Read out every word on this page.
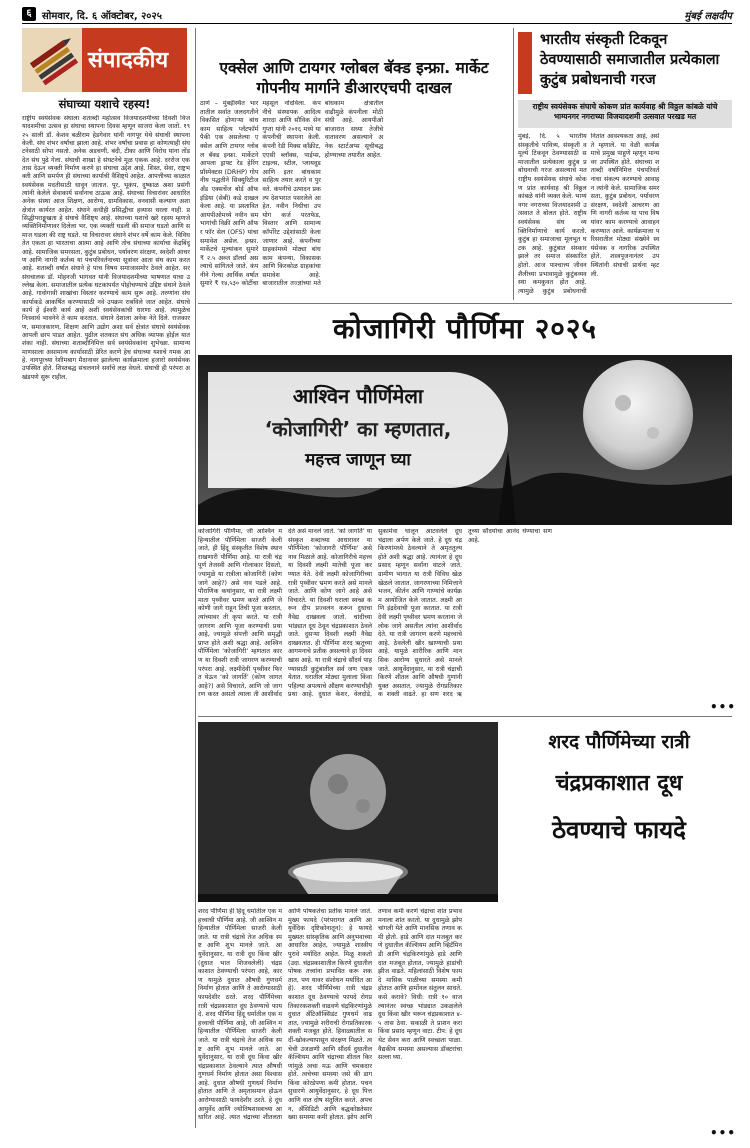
६	सोमवार, दि. ६ ऑक्टोबर, २०२५	मुंबई लक्षदीप
संपादकीय
संघाच्या यशाचे रहस्य!
राष्ट्रीय स्वयंसेवक संघाला शताब्दी महोत्सव विजयादशमीच्या दिवशी विजयादशमीचा उत्सव हा संघाचा स्थापना दिवस म्हणून साजरा केला जातो. १९२५ साली डॉ. केशव बळीराम हेडगेवार यांनी नागपूर येथे संघाची स्थापना केली. संघ शंभर वर्षांचा झाला आहे. शंभर वर्षांचा प्रवास हा कोणत्याही संघटनेसाठी सोपा नसतो. अनेक अडचणी, बंदी, टीका आणि विरोध यांना तोंड देत संघ पुढे गेला. संघाची शाखा हे संघटनेचे मूळ एकक आहे. दररोज एक तास देऊन व्यक्ती निर्माण करणे हा संघाचा उद्देश आहे. शिस्त, सेवा, राष्ट्रभक्ती आणि समर्पण ही संघाच्या कार्याची वैशिष्ट्ये आहेत. आपत्तीच्या काळात स्वयंसेवक मदतीसाठी धावून जातात. पूर, भूकंप, दुष्काळ अशा प्रसंगी त्यांनी केलेले सेवाकार्य सर्वांनाच ठाऊक आहे. संघाच्या विचारांवर आधारित अनेक संस्था आज शिक्षण, आरोग्य, ग्रामविकास, वनवासी कल्याण अशा क्षेत्रांत कार्यरत आहेत. संघाने कधीही प्रसिद्धीचा हव्यास धरला नाही. प्रसिद्धीपराङ्मुखता हे संघाचे वैशिष्ट्य आहे. संघाच्या यशाचे खरे रहस्य म्हणजे व्यक्तिनिर्माणावर दिलेला भर. एक व्यक्ती घडली की समाज घडतो आणि समाज घडला की राष्ट्र घडते. या विचारावर संघाने शंभर वर्षे काम केले. विविधतेत एकता हा भारताचा आत्मा आहे आणि तोच संघाच्या कार्याचा केंद्रबिंदू आहे. सामाजिक समरसता, कुटुंब प्रबोधन, पर्यावरण संरक्षण, स्वदेशी आचरण आणि नागरी कर्तव्य या पंचपरिवर्तनाच्या सूत्रांवर आता संघ काम करत आहे. शताब्दी वर्षात संघाने हे पाच विषय समाजासमोर ठेवले आहेत. सरसंघचालक डॉ. मोहनजी भागवत यांनी विजयादशमीच्या भाषणात याचा उल्लेख केला. समाजातील प्रत्येक घटकापर्यंत पोहोचण्याचे उद्दिष्ट संघाने ठेवले आहे. गावोगावी शाखांचा विस्तार करण्याचे काम सुरू आहे. तरुणांना संघकार्याकडे आकर्षित करण्यासाठी नवे उपक्रम राबविले जात आहेत. संघाचे कार्य हे ईश्वरी कार्य आहे अशी स्वयंसेवकांची धारणा आहे. त्यामुळेच निःस्वार्थ भावनेने ते काम करतात. संघाने देशाला अनेक नेते दिले. राजकारण, समाजकारण, शिक्षण आणि उद्योग अशा सर्व क्षेत्रांत संघाचे स्वयंसेवक आपली छाप पाडत आहेत. पुढील शतकात संघ अधिक व्यापक होईल यात शंका नाही. संघाच्या शताब्दीनिमित्त सर्व स्वयंसेवकांना शुभेच्छा. सामान्य माणसाला असामान्य कार्यासाठी प्रेरित करणे हेच संघाच्या यशाचे गमक आहे. नागपूरच्या रेशीमबाग मैदानावर झालेल्या कार्यक्रमाला हजारो स्वयंसेवक उपस्थित होते. शिस्तबद्ध संचलनाने सर्वांचे लक्ष वेधले. संघाची ही परंपरा अखंडपणे सुरू राहील.
एक्सेल आणि टायगर ग्लोबल बॅक्ड इन्फ्रा. मार्केट गोपनीय मार्गाने डीआरएचपी दाखल
ठाणे – मुंबईस्थित भारतातील सर्वात जलदगतीने विकसित होणाऱ्या बांधकाम साहित्य प्लॅटफॉर्मपैकी एक असलेल्या एक्सेल आणि टायगर ग्लोबल बॅक्ड इन्फ्रा. मार्केटने आपला ड्राफ्ट रेड हेरिंग प्रॉस्पेक्टस (DRHP) गोपनीय पद्धतीने सिक्युरिटीज अँड एक्सचेंज बोर्ड ऑफ इंडिया (सेबी) कडे दाखल केला आहे. या प्रस्तावित आयपीओमध्ये नवीन समभागांची विक्री आणि ऑफर फॉर सेल (OFS) यांचा समावेश असेल. इन्फ्रा. मार्केटचे मूल्यांकन सुमारे ₹ २.५ अब्ज डॉलर्स असल्याचे सांगितले जाते. कंपनीने गेल्या आर्थिक वर्षात सुमारे ₹ १४,५३० कोटींचा महसूल नोंदविला. कंपनीचे संस्थापक आदित्य शारदा आणि सौविक सेनगुप्ता यांनी २०१६ मध्ये या कंपनीची स्थापना केली. कंपनी रेडी मिक्स काँक्रीट, एएसी ब्लॉक्स, पाईप्स, टाइल्स, स्टील, प्लायवूड आणि इतर बांधकाम साहित्य तयार करते व पुरवते. कंपनीचे उत्पादन प्रकल्प देशभरात पसरलेले आहेत. नवीन निधीचा उपयोग कर्ज परतफेड, विस्तार आणि सामान्य कॉर्पोरेट उद्देशांसाठी केला जाणार आहे. कंपनीच्या ग्राहकांमध्ये मोठ्या बांधकाम कंपन्या, विकासक आणि किरकोळ ग्राहकांचा समावेश आहे. बाजारातील तज्ज्ञांच्या मते बांधकाम क्षेत्रातील वाढीमुळे कंपनीला मोठी संधी आहे. आयपीओ बाजारात सध्या तेजीचे वातावरण असल्याने अनेक स्टार्टअप्स सूचीबद्ध होण्याच्या तयारीत आहेत.
भारतीय संस्कृती टिकवून ठेवण्यासाठी समाजातील प्रत्येकाला कुटुंब प्रबोधनाची गरज
राष्ट्रीय स्वयंसेवक संघाचे कोकण प्रांत कार्यवाह श्री विठ्ठल कांबळे यांचे भाग्यनगर नगराच्या विजयादशमी उत्सवात परखड मत
मुंबई, दि. ५ भारतीय संस्कृतीचे पावित्र्य, संस्कृती व मूल्ये टिकवून ठेवण्यासाठी समाजातील प्रत्येकाला कुटुंब प्रबोधनाची गरज असल्याचे मत राष्ट्रीय स्वयंसेवक संघाचे कोकण प्रांत कार्यवाह श्री विठ्ठल कांबळे यांनी व्यक्त केले. भाग्यनगर नगराच्या विजयादशमी उत्सवात ते बोलत होते. राष्ट्रीय स्वयंसेवक संघ व्यक्तिनिर्माणाचे कार्य करतो. कुटुंब हा समाजाचा मूलभूत घटक आहे. कुटुंबात संस्कार झाले तर समाज संस्कारित होतो. आज पाश्चात्त्य जीवनशैलीच्या प्रभावामुळे कुटुंबव्यवस्था कमकुवत होत आहे. त्यामुळे कुटुंब प्रबोधनाची नितांत आवश्यकता आहे, असे ते म्हणाले. या वेळी कार्यक्रमाचे प्रमुख पाहुणे म्हणून मान्यवर उपस्थित होते. संघाच्या शताब्दी वर्षानिमित्त पंचपरिवर्तनाचा संकल्प करण्याचे आवाहन त्यांनी केले. सामाजिक समरसता, कुटुंब प्रबोधन, पर्यावरण संरक्षण, स्वदेशी आचरण आणि नागरी कर्तव्य या पाच विषयांवर काम करण्याचे आवाहन करण्यात आले. कार्यक्रमाला परिसरातील मोठ्या संख्येने स्वयंसेवक व नागरिक उपस्थित होते. शस्त्रपूजनानंतर उपस्थितांनी संघाची प्रार्थना म्हटली.
कोजागिरी पौर्णिमा २०२५
आश्विन पौर्णिमेला
‘कोजागिरी’ का म्हणतात,
महत्त्व जाणून घ्या
कोजागिरी पौर्णिमा, जी आश्विन महिन्यातील पौर्णिमेला साजरी केली जाते, ही हिंदू संस्कृतीत विशेष स्थान राखणारी पौर्णिमा आहे. या रात्री चंद्र पूर्ण तेजस्वी आणि गोलाकार दिसतो, ज्यामुळे या रात्रीला कोजागिरी (कोण जागे आहे?) असे नाव पडले आहे. पौराणिक कथांनुसार, या रात्री लक्ष्मी माता पृथ्वीवर भ्रमण करते आणि जे कोणी जागे राहून तिची पूजा करतात, त्यांच्यावर ती कृपा करते. या रात्री जागरण आणि पूजा करण्याची प्रथा आहे, ज्यामुळे संपत्ती आणि समृद्धी प्राप्त होते अशी श्रद्धा आहे. आश्विन पौर्णिमेला ‘कोजागिरी’ म्हणतात कारण या दिवशी रात्री जागरण करण्याची परंपरा आहे. लक्ष्मीदेवी पृथ्वीवर फिरत येऊन ‘को जागर्ति’ (कोण जागत आहे?) असे विचारते, आणि जो जागरण करत असतो त्याला ती आशीर्वाद देते असे मानले जाते. ‘को जागर्ति’ या संस्कृत शब्दाच्या आधारावर या पौर्णिमेला ‘कोजागरी पौर्णिमा’ असे नाव मिळाले आहे. कोजागिरीचे महत्त्व या दिवशी लक्ष्मी मातेची पूजा करण्यात येते. देवी लक्ष्मी कोजागिरीच्या रात्री पृथ्वीवर भ्रमण करते असे मानले जाते. आणि कोण जागे आहे असे विचारते. या दिवशी घराला स्वच्छ करून दीप प्रज्वलन करून दुधाचा नैवेद्य दाखवला जातो. चांदीच्या भांड्यात दूध ठेवून चंद्रप्रकाशात ठेवले जाते. दुसऱ्या दिवशी लक्ष्मी नैवेद्य दाखवतात. ही पौर्णिमा शरद ऋतूच्या आगमनाचे प्रतीक असल्याने हा दिवस खास आहे. या रात्री चंद्राचे सौंदर्य पाहण्यासाठी कुटुंबातील सर्व जण एकत्र येतात. घरातील मोठ्या मुलाला किंवा पहिल्या अपत्याचे औक्षण करण्याचीही प्रथा आहे. दुधात केशर, वेलदोडे, सुकामेवा घालून आटवलेले दूध चंद्राला अर्पण केले जाते. हे दूध चंद्रकिरणांमध्ये ठेवल्याने ते अमृततुल्य होते अशी श्रद्धा आहे. त्यानंतर हे दूध प्रसाद म्हणून सर्वांना वाटले जाते. ग्रामीण भागात या रात्री विविध खेळ खेळले जातात. जागरणाच्या निमित्ताने भजन, कीर्तन आणि गाण्यांचे कार्यक्रम आयोजित केले जातात. लक्ष्मी आणि इंद्रदेवाची पूजा करतात. या रात्री देवी लक्ष्मी पृथ्वीवर भ्रमण करताना जे लोक जागे असतील त्यांना आशीर्वाद देते. या रात्री जागरण करणे महत्त्वाचे आहे. ठेवलेली खीर खाण्याची प्रथा आहे. यामुळे शारीरिक आणि मानसिक आरोग्य सुधारते असे मानले जाते. आयुर्वेदानुसार, या रात्री चंद्राची किरणे शीतल आणि औषधी गुणांनी युक्त असतात, ज्यामुळे रोगप्रतिकारक शक्ती वाढते. हा सण शरद ऋतूच्या सौंदर्याचा आनंद घेण्याचा सण आहे.
•••
शरद पौर्णिमेच्या रात्री
चंद्रप्रकाशात दूध
ठेवण्याचे फायदे
शरद पौर्णिमा ही हिंदू धर्मातील एक महत्त्वाची पौर्णिमा आहे. जी आश्विन महिन्यातील पौर्णिमेला साजरी केली जाते. या रात्री चंद्राचे तेज अधिक स्पष्ट आणि शुभ मानले जाते. आयुर्वेदानुसार, या रात्री दूध किंवा खीर (दुधात भात शिजवलेली) चंद्रप्रकाशात ठेवण्याची परंपरा आहे, कारण यामुळे दुधात औषधी गुणधर्म निर्माण होतात आणि ते आरोग्यासाठी फायदेशीर ठरते. शरद पौर्णिमेच्या रात्री चंद्रप्रकाशात दूध ठेवण्याचे फायदे. शरद पौर्णिमा हिंदू धर्मातील एक महत्त्वाची पौर्णिमा आहे, जी आश्विन महिन्यातील पौर्णिमेला साजरी केली जाते. या रात्री चंद्राचे तेज अधिक स्पष्ट आणि शुभ मानले जाते. आयुर्वेदानुसार, या रात्री दूध किंवा खीर चंद्रप्रकाशात ठेवल्याने त्यात औषधी गुणधर्म निर्माण होतात असा विश्वास आहे. दुधात औषधी गुणधर्म निर्माण होतात आणि ते अमृतासमान होऊन आरोग्यासाठी फायदेशीर ठरते. हे दूध आयुर्वेद आणि ज्योतिषशास्त्राच्या आधारित आहे. त्यात चंद्राच्या शीतलता आणि पोषकतेचा प्रतीक मानले जाते. मुख्य फायदे (परंपरागत आणि आयुर्वेदिक दृष्टिकोनातून): हे फायदे मुख्यतः सांस्कृतिक आणि अनुभवाच्या आधारित आहेत, ज्यामुळे शास्त्रीय पुरावे मर्यादित आहेत. मिळू शकतो (उदा. चंद्रप्रकाशातील किरणे दुधातील पोषक तत्त्वांना प्रभावित करू शकतात, पण यावर संशोधन मर्यादित आहे). शरद पौर्णिमेच्या रात्री चंद्रप्रकाशात दूध ठेवण्याचे फायदे रोगप्रतिकारकशक्ती वाढवणे चंद्रकिरणांमुळे दुधात ॲंटिऑक्सिडंट गुणधर्म वाढतात, ज्यामुळे शरीराची रोगप्रतिकारकशक्ती मजबूत होते. हिवाळ्यातील सर्दी-खोकल्यापासून संरक्षण मिळते. त्वचेची उजळणी आणि सौंदर्य दुधातील कॅल्शियम आणि चंद्राच्या शीतल किरणांमुळे त्वचा मऊ आणि चमकदार होते. त्वचेच्या समस्या जसे की डाग किंवा कोरडेपणा कमी होतात. पचन सुधारणे आयुर्वेदानुसार, हे दूध पित्त आणि वात दोष संतुलित करते. अपचन, ॲसिडिटी आणि बद्धकोष्ठतेसारख्या समस्या कमी होतात. झोप आणि तणाव कमी करणे चंद्राचा शांत प्रभाव मनाला शांत करतो. या दुधामुळे झोप चांगली येते आणि मानसिक तणाव कमी होतो. हाडे आणि दात मजबूत करणे दुधातील कॅल्शियम आणि व्हिटॅमिन डी आणि चंद्रकिरणांमुळे हाडे आणि दात मजबूत होतात, ज्यामुळे हाडांची झीज वाढते. महिलांसाठी विशेष फायदे मासिक पाळीच्या समस्या कमी होतात आणि हार्मोनल संतुलन साधते. कसे करावे? विधी: रात्री १० वाजल्यानंतर स्वच्छ भांड्यात उकळलेले दूध किंवा खीर भरून चंद्रप्रकाशात ४-५ तास ठेवा. सकाळी ते प्राशन करा किंवा प्रसाद म्हणून वाटा. टीप: हे दूध थेट सेवन करा आणि स्वच्छता पाळा. वैद्यकीय समस्या असल्यास डॉक्टरांचा सल्ला घ्या.
•••
